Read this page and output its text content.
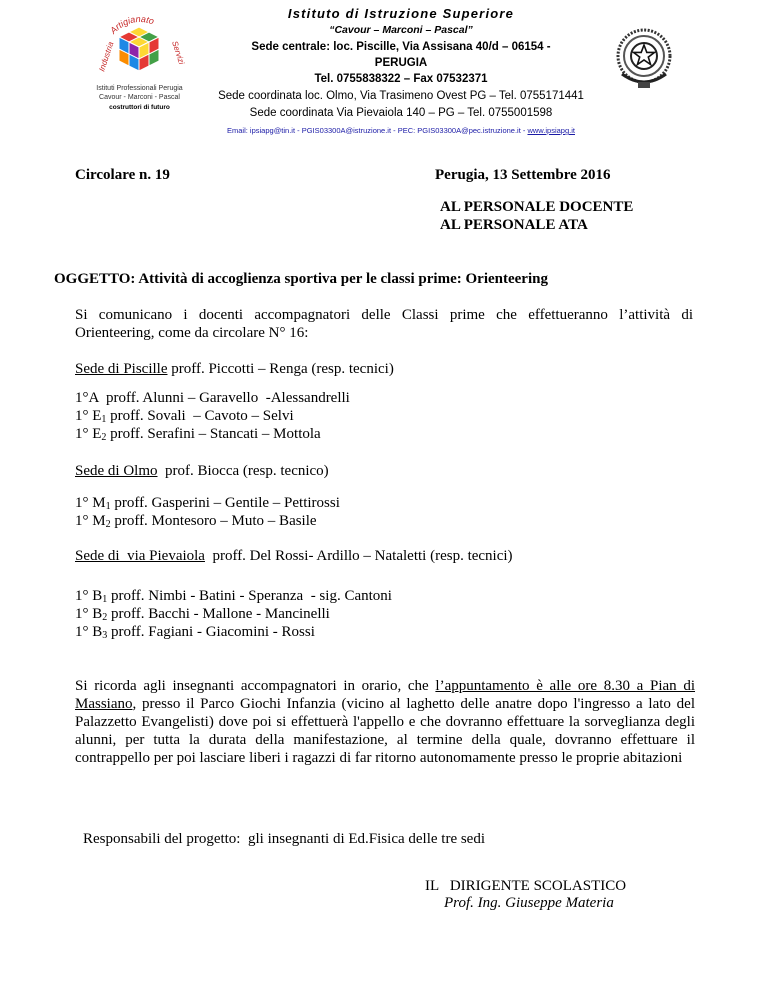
Artigianato
Industria	Servizi
Istituti Professionali Perugia
Cavour - Marconi - Pascal
costruttori di futuro
Istituto di Istruzione Superiore
“Cavour – Marconi – Pascal”
Sede centrale: loc. Piscille, Via Assisana 40/d – 06154 -
PERUGIA
Tel. 0755838322 – Fax 07532371
Sede coordinata loc. Olmo, Via Trasimeno Ovest PG – Tel. 0755171441
Sede coordinata Via Pievaiola 140 – PG – Tel. 0755001598
Email: ipsiapg@tin.it - PGIS03300A@istruzione.it - PEC: PGIS03300A@pec.istruzione.it - www.ipsiapg.it
Circolare n. 19	Perugia, 13 Settembre 2016
AL PERSONALE DOCENTE
AL PERSONALE ATA
OGGETTO: Attività di accoglienza sportiva per le classi prime: Orienteering
Si comunicano i docenti accompagnatori delle Classi prime che effettueranno l’attività di Orienteering, come da circolare N° 16:
Sede di Piscille proff. Piccotti – Renga (resp. tecnici)
1°A  proff. Alunni – Garavello  -Alessandrelli
1° $E_1$ proff. Sovali  – Cavoto – Selvi
1° $E_2$ proff. Serafini – Stancati – Mottola
Sede di Olmo  prof. Biocca (resp. tecnico)
1° $M_1$ proff. Gasperini – Gentile – Pettirossi
1° $M_2$ proff. Montesoro – Muto – Basile
Sede di  via Pievaiola  proff. Del Rossi- Ardillo – Nataletti (resp. tecnici)
1° $B_1$ proff. Nimbi - Batini - Speranza  - sig. Cantoni
1° $B_2$ proff. Bacchi - Mallone - Mancinelli
1° $B_3$ proff. Fagiani - Giacomini - Rossi
Si ricorda agli insegnanti accompagnatori in orario, che l’appuntamento è alle ore 8.30 a Pian di Massiano, presso il Parco Giochi Infanzia (vicino al laghetto delle anatre dopo l'ingresso a lato del Palazzetto Evangelisti) dove poi si effettuerà l'appello e che dovranno effettuare la sorveglianza degli alunni, per tutta la durata della manifestazione, al termine della quale, dovranno effettuare il contrappello per poi lasciare liberi i ragazzi di far ritorno autonomamente presso le proprie abitazioni
Responsabili del progetto:  gli insegnanti di Ed.Fisica delle tre sedi
IL   DIRIGENTE SCOLASTICO
Prof. Ing. Giuseppe Materia
